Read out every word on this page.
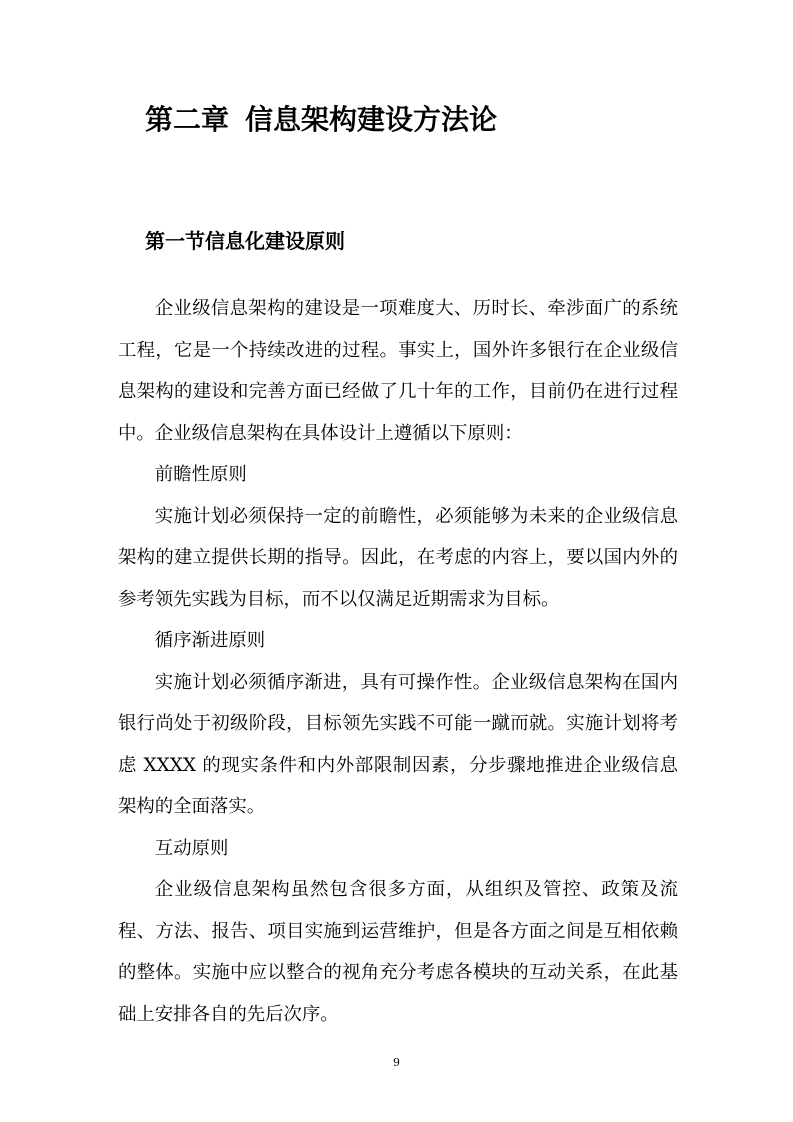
第二章 信息架构建设方法论
第一节信息化建设原则

企业级信息架构的建设是一项难度大、历时长、牵涉面广的系统工程，它是一个持续改进的过程。事实上，国外许多银行在企业级信息架构的建设和完善方面已经做了几十年的工作，目前仍在进行过程中。企业级信息架构在具体设计上遵循以下原则：

前瞻性原则

实施计划必须保持一定的前瞻性，必须能够为未来的企业级信息架构的建立提供长期的指导。因此，在考虑的内容上，要以国内外的参考领先实践为目标，而不以仅满足近期需求为目标。

循序渐进原则

实施计划必须循序渐进，具有可操作性。企业级信息架构在国内银行尚处于初级阶段，目标领先实践不可能一蹴而就。实施计划将考虑 XXXX 的现实条件和内外部限制因素，分步骤地推进企业级信息架构的全面落实。

互动原则

企业级信息架构虽然包含很多方面，从组织及管控、政策及流程、方法、报告、项目实施到运营维护，但是各方面之间是互相依赖的整体。实施中应以整合的视角充分考虑各模块的互动关系，在此基础上安排各自的先后次序。

9
